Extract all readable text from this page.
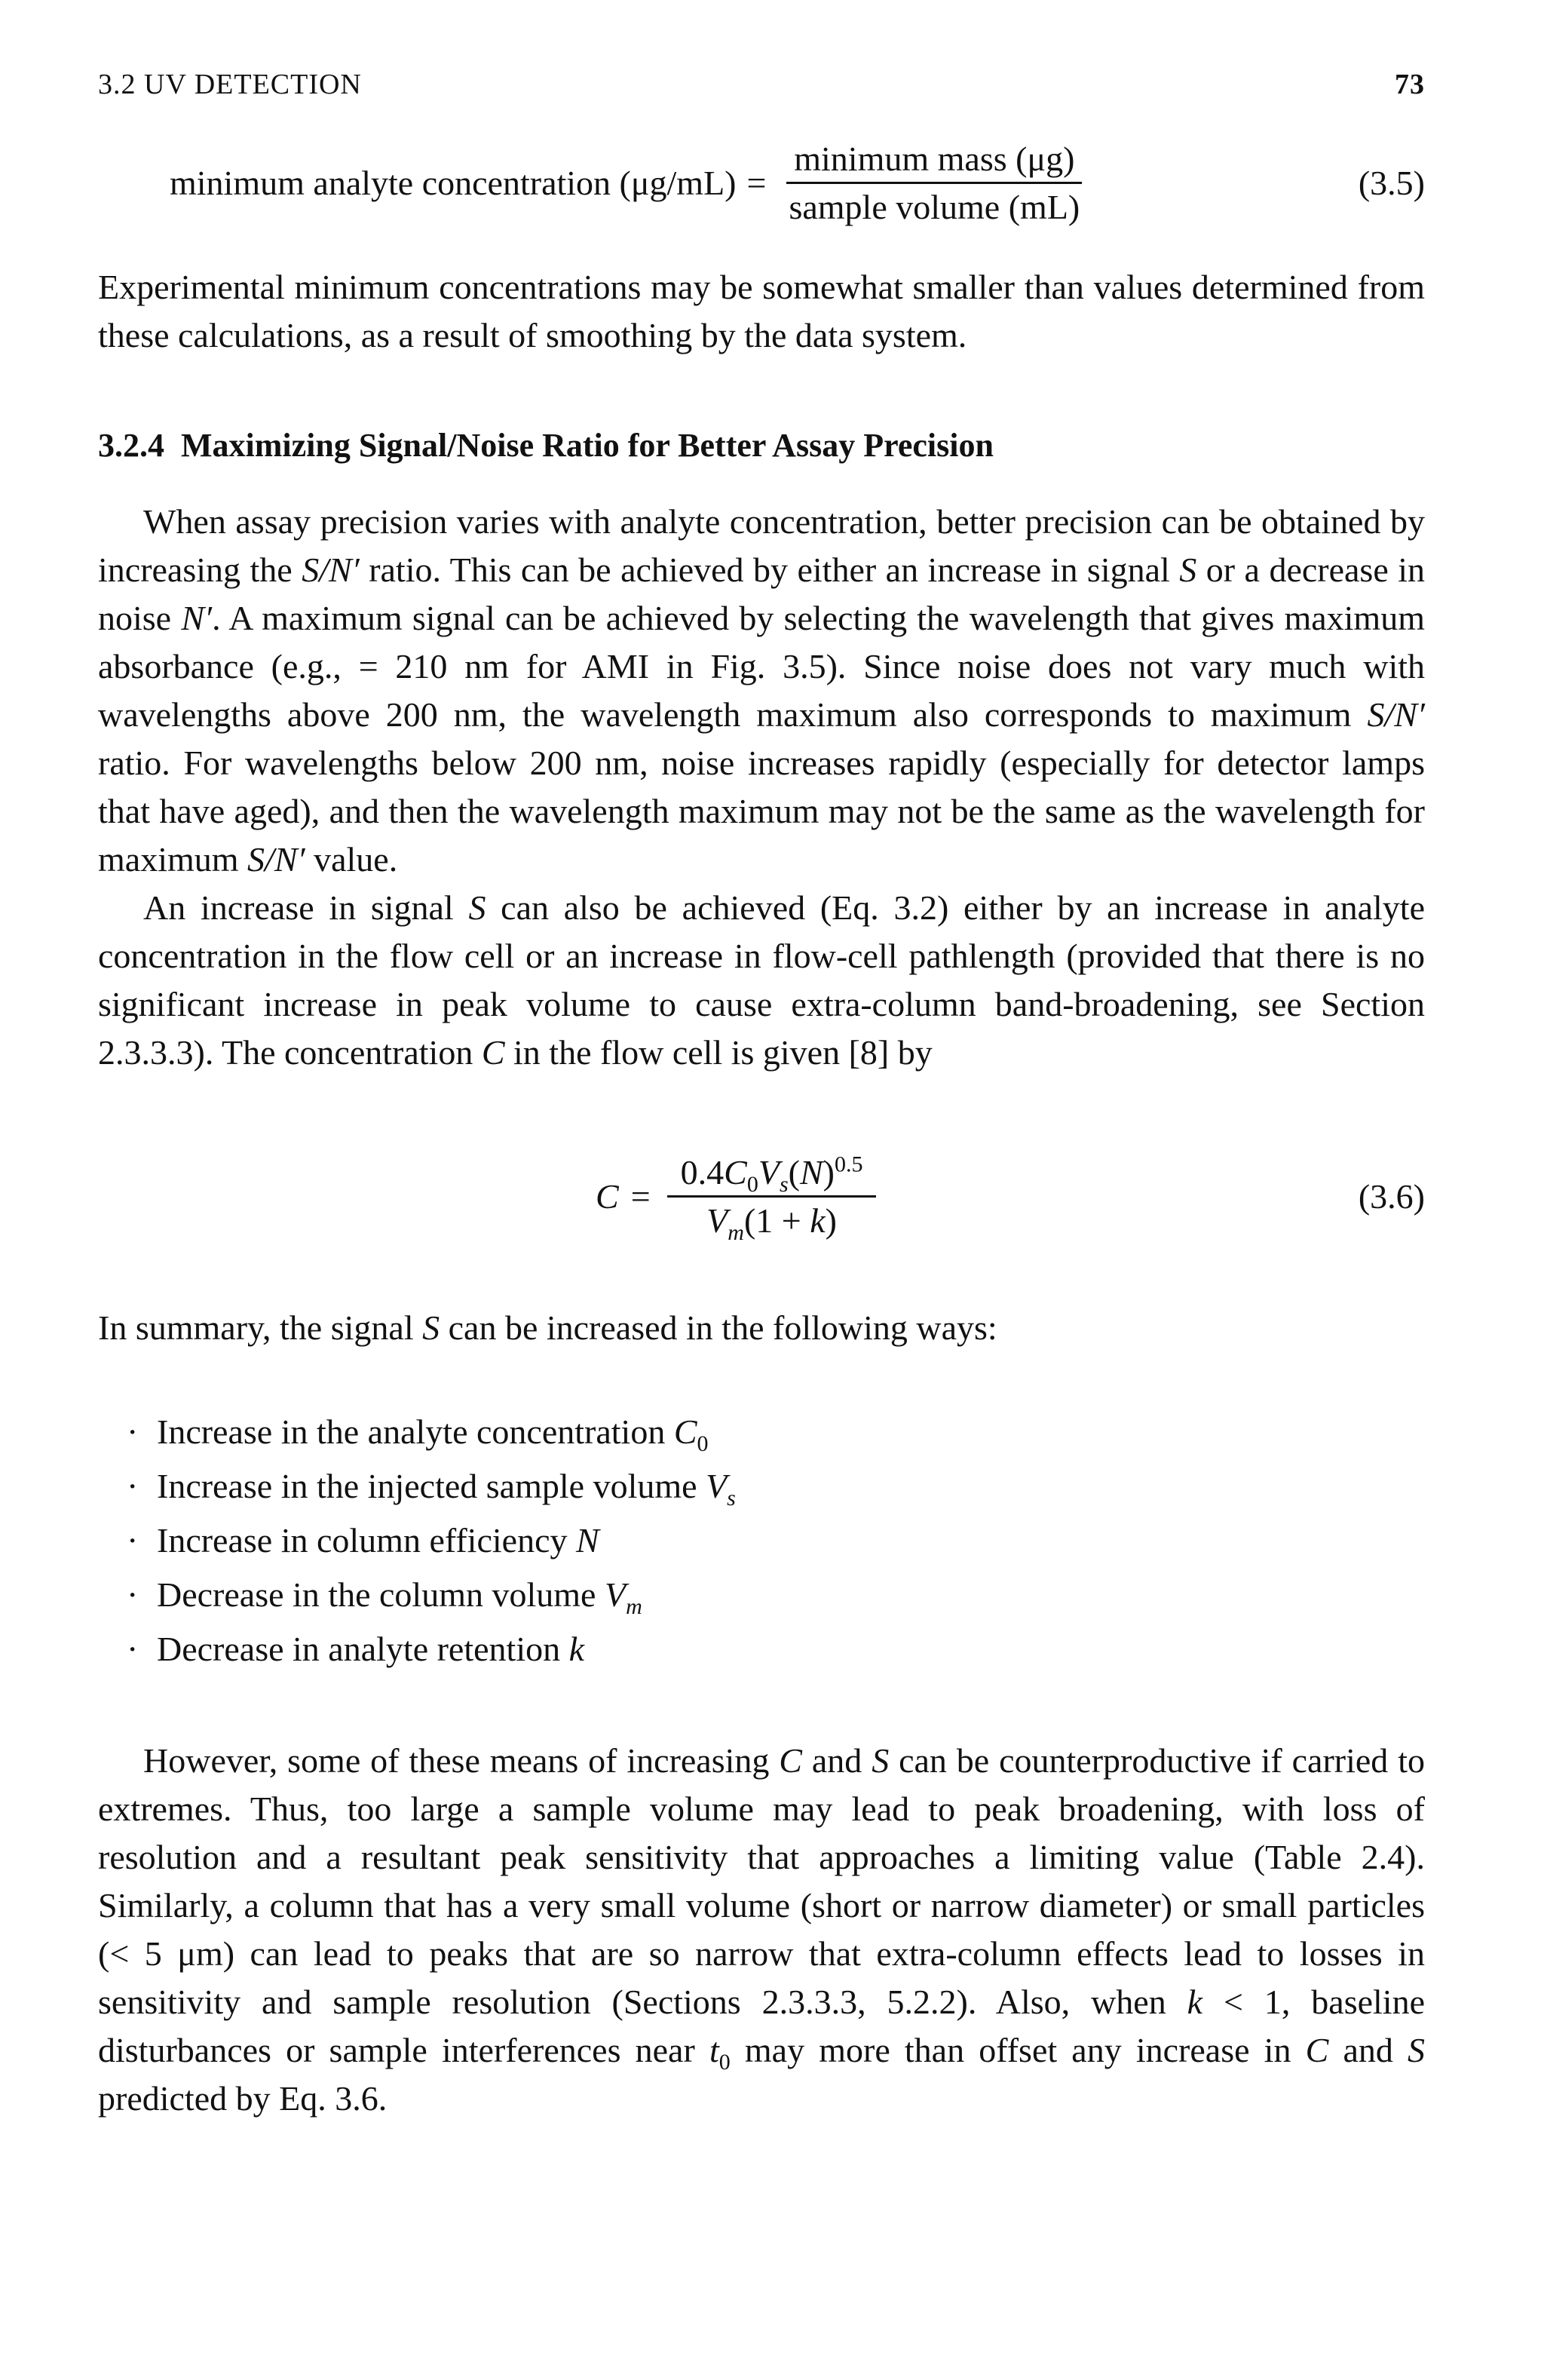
3.2 UV DETECTION	73
minimum analyte concentration $(\mu g/mL) = \frac{\text{minimum mass (μg)}}{\text{sample volume (mL)}}$	(3.5)

Experimental minimum concentrations may be somewhat smaller than values determined from these calculations, as a result of smoothing by the data system.

3.2.4 Maximizing Signal/Noise Ratio for Better Assay Precision

When assay precision varies with analyte concentration, better precision can be obtained by increasing the S/N′ ratio. This can be achieved by either an increase in signal S or a decrease in noise N′. A maximum signal can be achieved by selecting the wavelength that gives maximum absorbance (e.g., = 210 nm for AMI in Fig. 3.5). Since noise does not vary much with wavelengths above 200 nm, the wavelength maximum also corresponds to maximum S/N′ ratio. For wavelengths below 200 nm, noise increases rapidly (especially for detector lamps that have aged), and then the wavelength maximum may not be the same as the wavelength for maximum S/N′ value.

An increase in signal S can also be achieved (Eq. 3.2) either by an increase in analyte concentration in the flow cell or an increase in flow-cell pathlength (provided that there is no significant increase in peak volume to cause extra-column band-broadening, see Section 2.3.3.3). The concentration C in the flow cell is given [8] by

$C = \frac{0.4C_0V_s(N)^{0.5}}{V_m(1 + k)}$	(3.6)

In summary, the signal S can be increased in the following ways:

· Increase in the analyte concentration $C_0$
· Increase in the injected sample volume $V_s$
· Increase in column efficiency N
· Decrease in the column volume $V_m$
· Decrease in analyte retention k

However, some of these means of increasing C and S can be counterproductive if carried to extremes. Thus, too large a sample volume may lead to peak broadening, with loss of resolution and a resultant peak sensitivity that approaches a limiting value (Table 2.4). Similarly, a column that has a very small volume (short or narrow diameter) or small particles (< 5 μm) can lead to peaks that are so narrow that extra-column effects lead to losses in sensitivity and sample resolution (Sections 2.3.3.3, 5.2.2). Also, when k < 1, baseline disturbances or sample interferences near $t_0$ may more than offset any increase in C and S predicted by Eq. 3.6.
